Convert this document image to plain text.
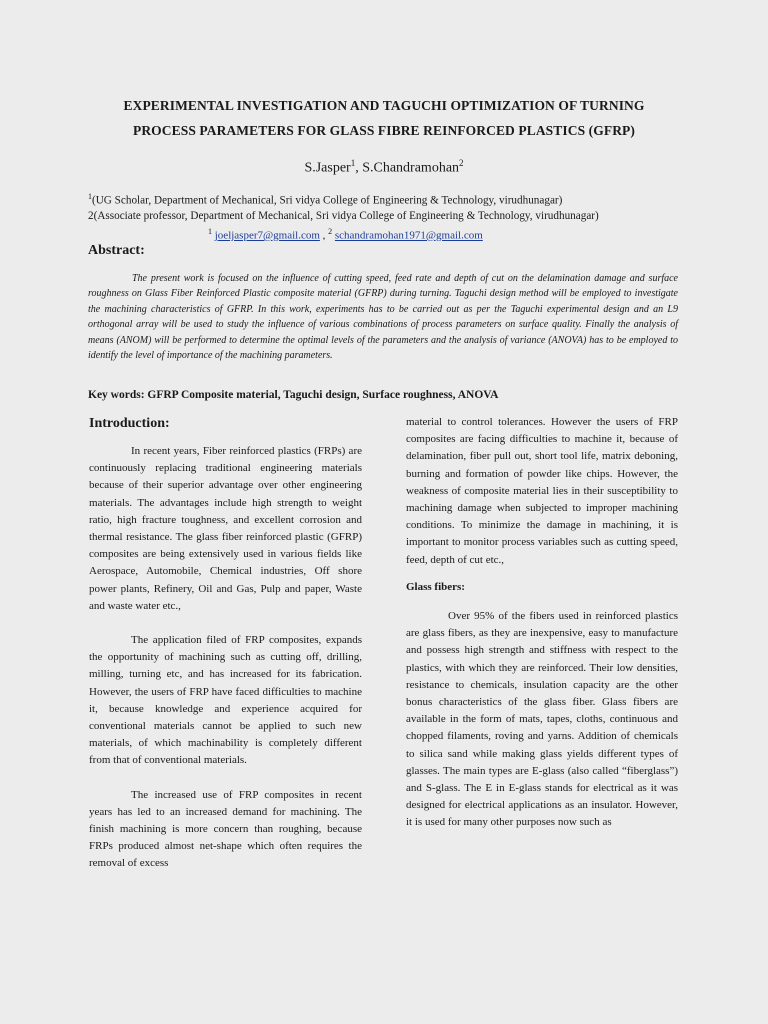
EXPERIMENTAL INVESTIGATION AND TAGUCHI OPTIMIZATION OF TURNING
PROCESS PARAMETERS FOR GLASS FIBRE REINFORCED PLASTICS (GFRP)
S.Jasper$^1$, S.Chandramohan$^2$
$^1$(UG Scholar, Department of Mechanical, Sri vidya College of Engineering & Technology, virudhunagar)
2(Associate professor, Department of Mechanical, Sri vidya College of Engineering & Technology, virudhunagar)
$^1$ joeljasper7@gmail.com , $^2$ schandramohan1971@gmail.com
Abstract:
The present work is focused on the influence of cutting speed, feed rate and depth of cut on the delamination damage and surface roughness on Glass Fiber Reinforced Plastic composite material (GFRP) during turning. Taguchi design method will be employed to investigate the machining characteristics of GFRP. In this work, experiments has to be carried out as per the Taguchi experimental design and an L9 orthogonal array will be used to study the influence of various combinations of process parameters on surface quality. Finally the analysis of means (ANOM) will be performed to determine the optimal levels of the parameters and the analysis of variance (ANOVA) has to be employed to identify the level of importance of the machining parameters.
Key words: GFRP Composite material, Taguchi design, Surface roughness, ANOVA
Introduction:

In recent years, Fiber reinforced plastics (FRPs) are continuously replacing traditional engineering materials because of their superior advantage over other engineering materials. The advantages include high strength to weight ratio, high fracture toughness, and excellent corrosion and thermal resistance. The glass fiber reinforced plastic (GFRP) composites are being extensively used in various fields like Aerospace, Automobile, Chemical industries, Off shore power plants, Refinery, Oil and Gas, Pulp and paper, Waste and waste water etc.,

The application filed of FRP composites, expands the opportunity of machining such as cutting off, drilling, milling, turning etc, and has increased for its fabrication. However, the users of FRP have faced difficulties to machine it, because knowledge and experience acquired for conventional materials cannot be applied to such new materials, of which machinability is completely different from that of conventional materials.

The increased use of FRP composites in recent years has led to an increased demand for machining. The finish machining is more concern than roughing, because FRPs produced almost net-shape which often requires the removal of excess

material to control tolerances. However the users of FRP composites are facing difficulties to machine it, because of delamination, fiber pull out, short tool life, matrix deboning, burning and formation of powder like chips. However, the weakness of composite material lies in their susceptibility to machining damage when subjected to improper machining conditions. To minimize the damage in machining, it is important to monitor process variables such as cutting speed, feed, depth of cut etc.,

Glass fibers:

Over 95% of the fibers used in reinforced plastics are glass fibers, as they are inexpensive, easy to manufacture and possess high strength and stiffness with respect to the plastics, with which they are reinforced. Their low densities, resistance to chemicals, insulation capacity are the other bonus characteristics of the glass fiber. Glass fibers are available in the form of mats, tapes, cloths, continuous and chopped filaments, roving and yarns. Addition of chemicals to silica sand while making glass yields different types of glasses. The main types are E-glass (also called “fiberglass”) and S-glass. The E in E-glass stands for electrical as it was designed for electrical applications as an insulator. However, it is used for many other purposes now such as
